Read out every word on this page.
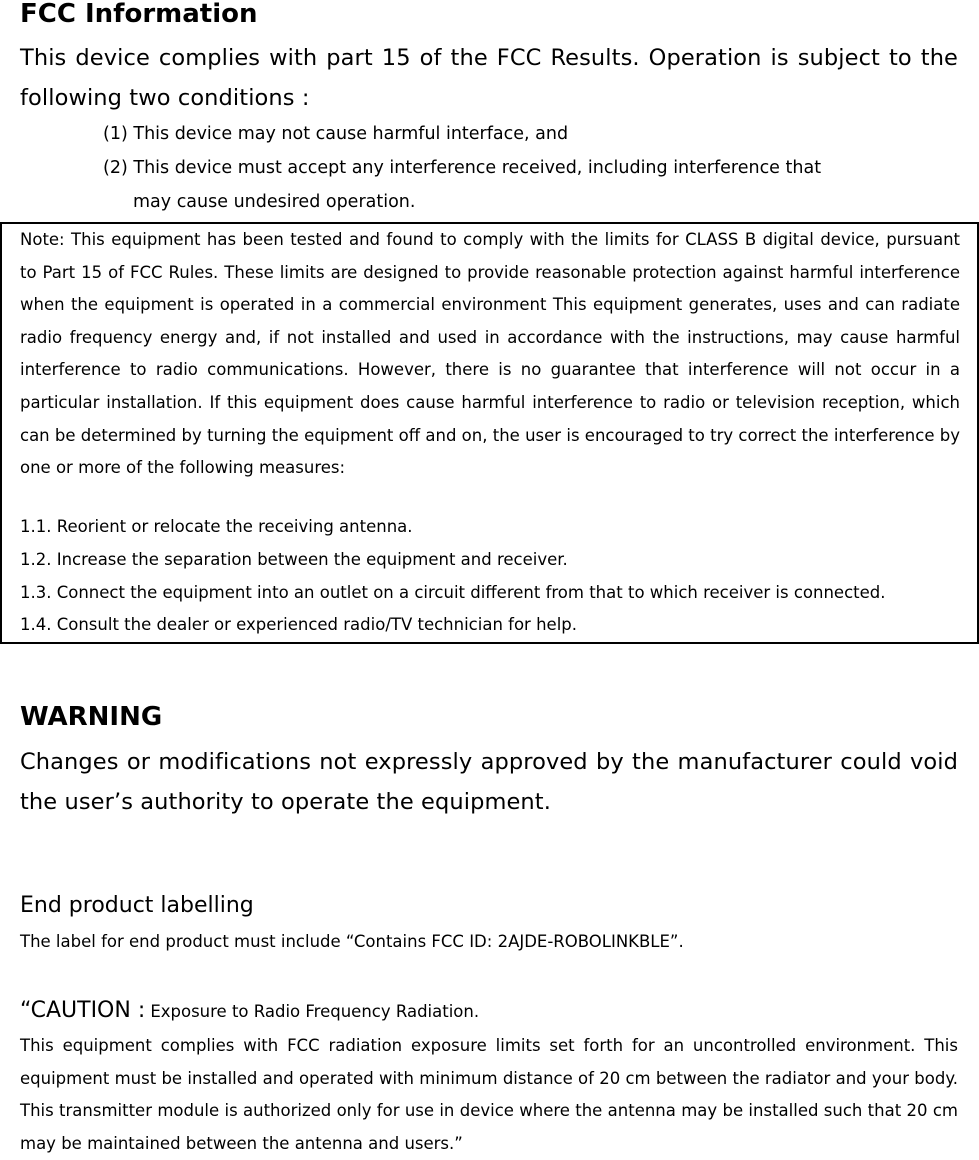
FCC Information

This device complies with part 15 of the FCC Results. Operation is subject to the following two conditions :

(1) This device may not cause harmful interface, and
(2) This device must accept any interference received, including interference that
may cause undesired operation.

Note: This equipment has been tested and found to comply with the limits for CLASS B digital device, pursuant to Part 15 of FCC Rules. These limits are designed to provide reasonable protection against harmful interference when the equipment is operated in a commercial environment This equipment generates, uses and can radiate radio frequency energy and, if not installed and used in accordance with the instructions, may cause harmful interference to radio communications. However, there is no guarantee that interference will not occur in a particular installation. If this equipment does cause harmful interference to radio or television reception, which can be determined by turning the equipment off and on, the user is encouraged to try correct the interference by one or more of the following measures:

1.1. Reorient or relocate the receiving antenna.

1.2. Increase the separation between the equipment and receiver.

1.3. Connect the equipment into an outlet on a circuit different from that to which receiver is connected.

1.4. Consult the dealer or experienced radio/TV technician for help.

WARNING

Changes or modifications not expressly approved by the manufacturer could void the user’s authority to operate the equipment.

End product labelling
The label for end product must include “Contains FCC ID: 2AJDE-ROBOLINKBLE”.
“CAUTION : Exposure to Radio Frequency Radiation.

This equipment complies with FCC radiation exposure limits set forth for an uncontrolled environment. This equipment must be installed and operated with minimum distance of 20 cm between the radiator and your body. This transmitter module is authorized only for use in device where the antenna may be installed such that 20 cm may be maintained between the antenna and users.”
